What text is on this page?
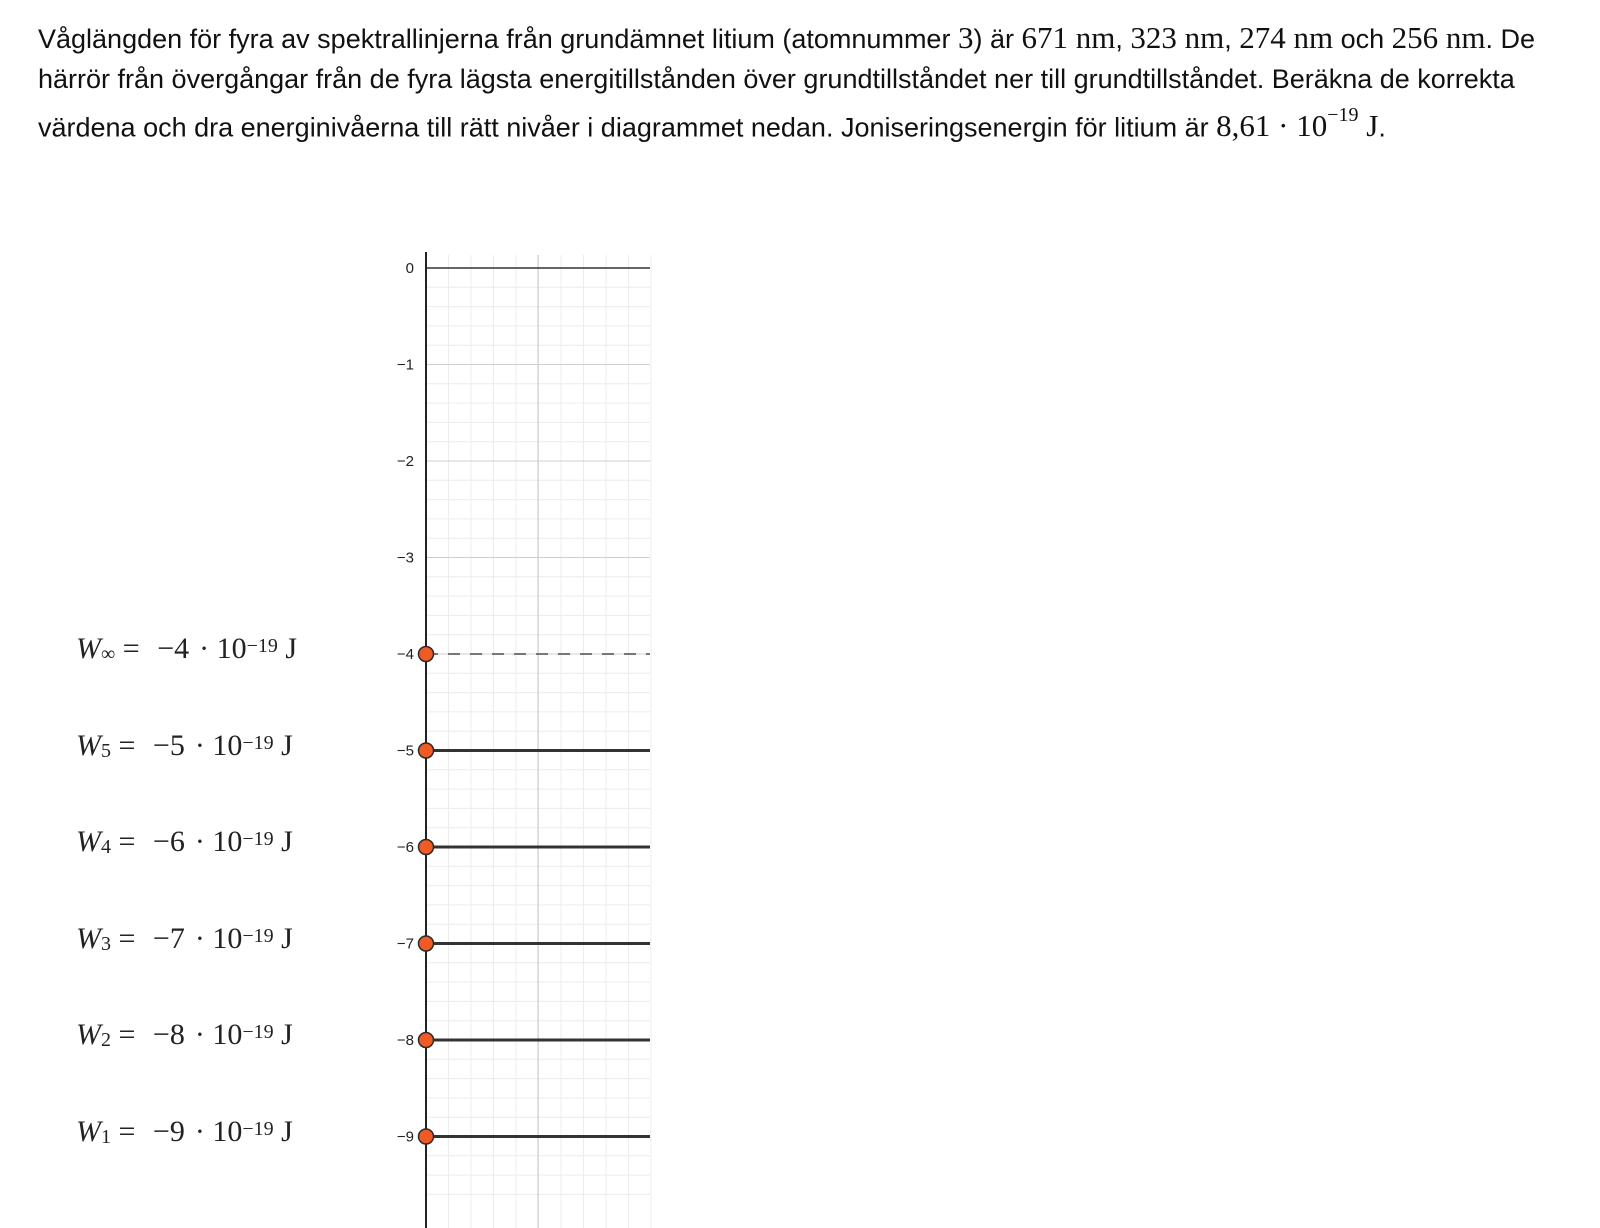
Våglängden för fyra av spektrallinjerna från grundämnet litium (atomnummer 3) är 671 nm, 323 nm, 274 nm och 256 nm. De härrör från övergångar från de fyra lägsta energitillstånden över grundtillståndet ner till grundtillståndet. Beräkna de korrekta värdena och dra energinivåerna till rätt nivåer i diagrammet nedan. Joniseringsenergin för litium är $8,61 \cdot 10^{-19}$ J.
$W_\infty = -4 \cdot 10^{-19}$ J
$W_5 = -5 \cdot 10^{-19}$ J
$W_4 = -6 \cdot 10^{-19}$ J
$W_3 = -7 \cdot 10^{-19}$ J
$W_2 = -8 \cdot 10^{-19}$ J
$W_1 = -9 \cdot 10^{-19}$ J
0
−1
−2
−3
−4
−5
−6
−7
−8
−9
